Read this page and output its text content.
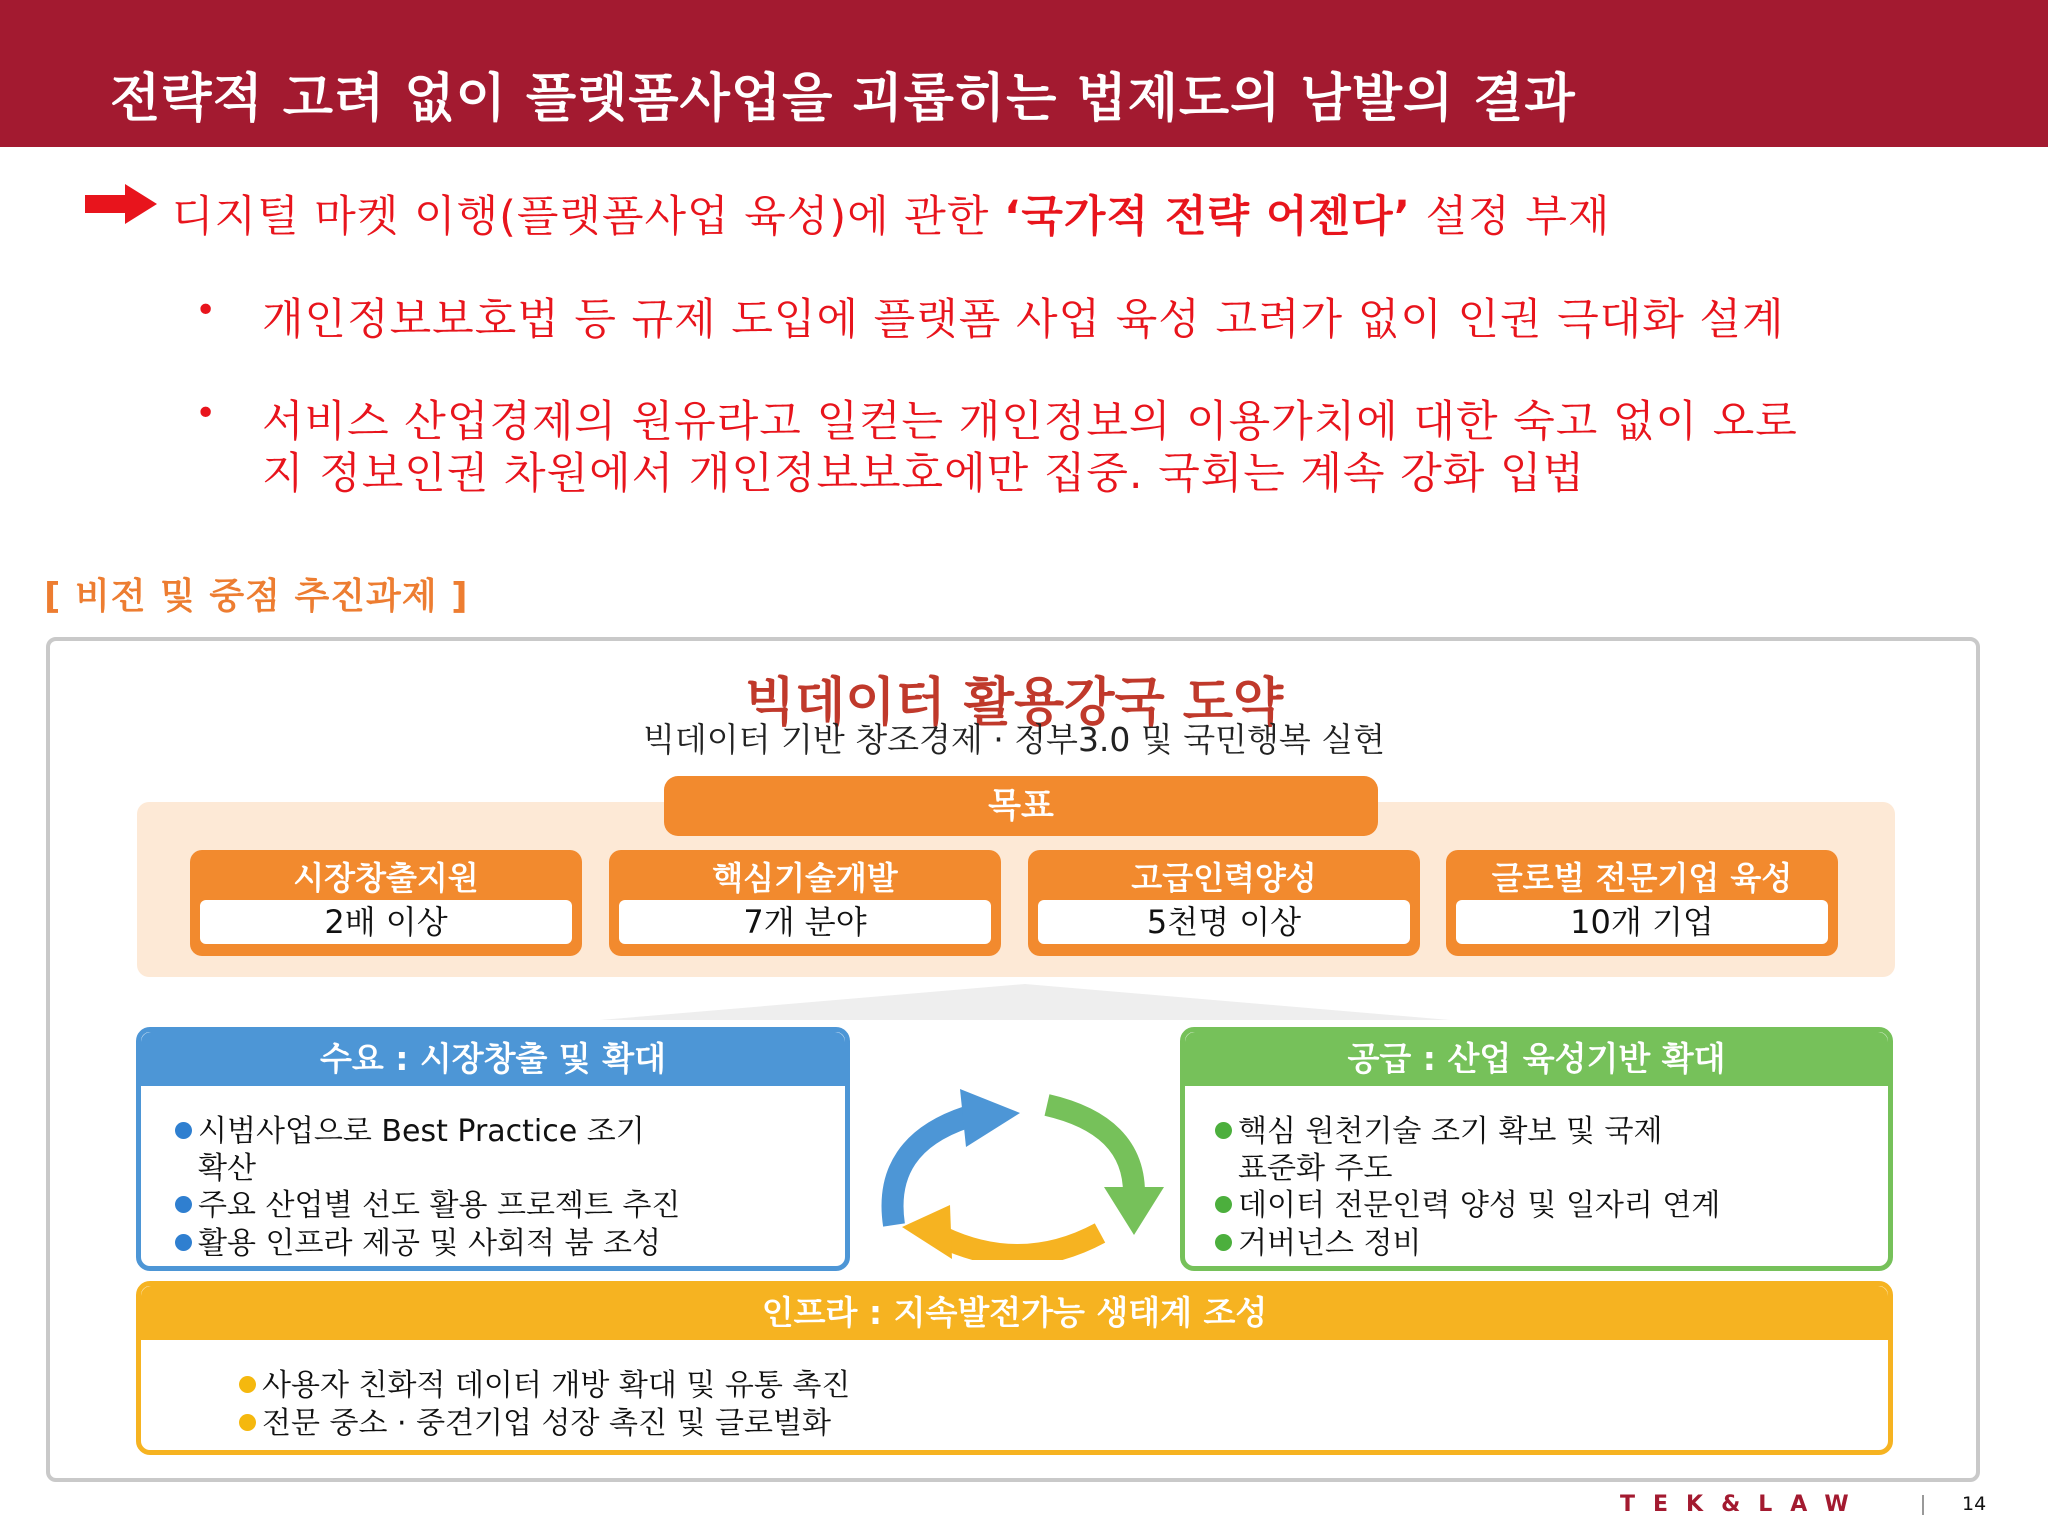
전략적 고려 없이 플랫폼사업을 괴롭히는 법제도의 남발의 결과
디지털 마켓 이행(플랫폼사업 육성)에 관한 ‘국가적 전략 어젠다’ 설정 부재
• 개인정보보호법 등 규제 도입에 플랫폼 사업 육성 고려가 없이 인권 극대화 설계
• 서비스 산업경제의 원유라고 일컫는 개인정보의 이용가치에 대한 숙고 없이 오로
지 정보인권 차원에서 개인정보보호에만 집중. 국회는 계속 강화 입법
[ 비전 및 중점 추진과제 ]
빅데이터 활용강국 도약
빅데이터 기반 창조경제 · 정부3.0 및 국민행복 실현
목표
시장창출지원
2배 이상
핵심기술개발
7개 분야
고급인력양성
5천명 이상
글로벌 전문기업 육성
10개 기업
수요 : 시장창출 및 확대
시범사업으로 Best Practice 조기
확산
주요 산업별 선도 활용 프로젝트 추진
활용 인프라 제공 및 사회적 붐 조성
공급 : 산업 육성기반 확대
핵심 원천기술 조기 확보 및 국제
표준화 주도
데이터 전문인력 양성 및 일자리 연계
거버넌스 정비
인프라 : 지속발전가능 생태계 조성
사용자 친화적 데이터 개방 확대 및 유통 촉진
전문 중소 · 중견기업 성장 촉진 및 글로벌화
TEK&LAW	14
